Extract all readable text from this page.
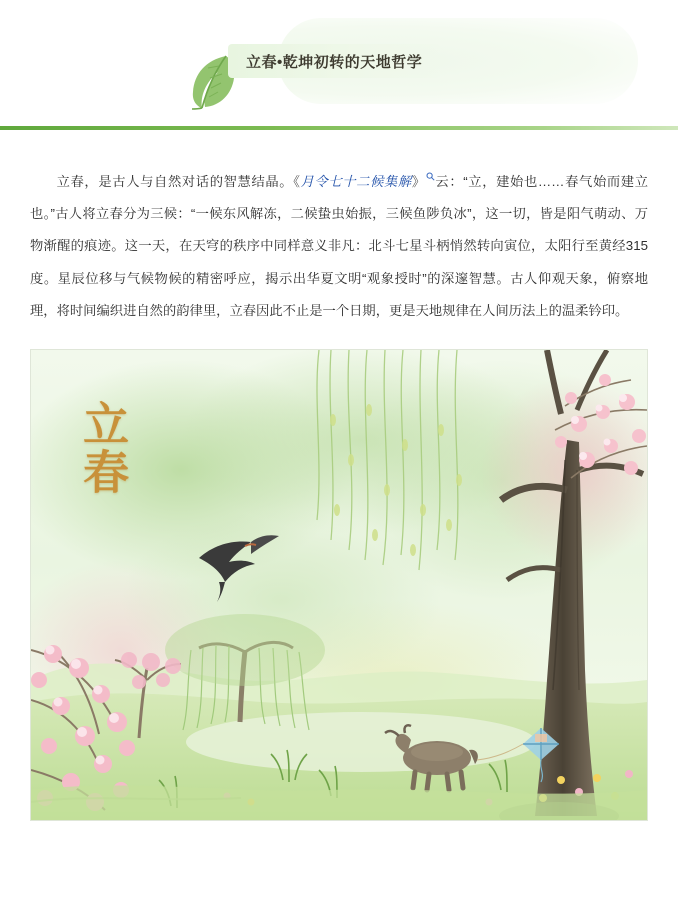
立春•乾坤初转的天地哲学

立春，是古人与自然对话的智慧结晶。《月令七十二候集解》 云：“立，建始也……春气始而建立也。”古人将立春分为三候：“一候东风解冻，二候蛰虫始振，三候鱼陟负冰”，这一切，皆是阳气萌动、万物渐醒的痕迹。这一天，在天穹的秩序中同样意义非凡：北斗七星斗柄悄然转向寅位，太阳行至黄经315度。星辰位移与气候物候的精密呼应，揭示出华夏文明“观象授时”的深邃智慧。古人仰观天象，俯察地理，将时间编织进自然的韵律里，立春因此不止是一个日期，更是天地规律在人间历法上的温柔钤印。

立春
